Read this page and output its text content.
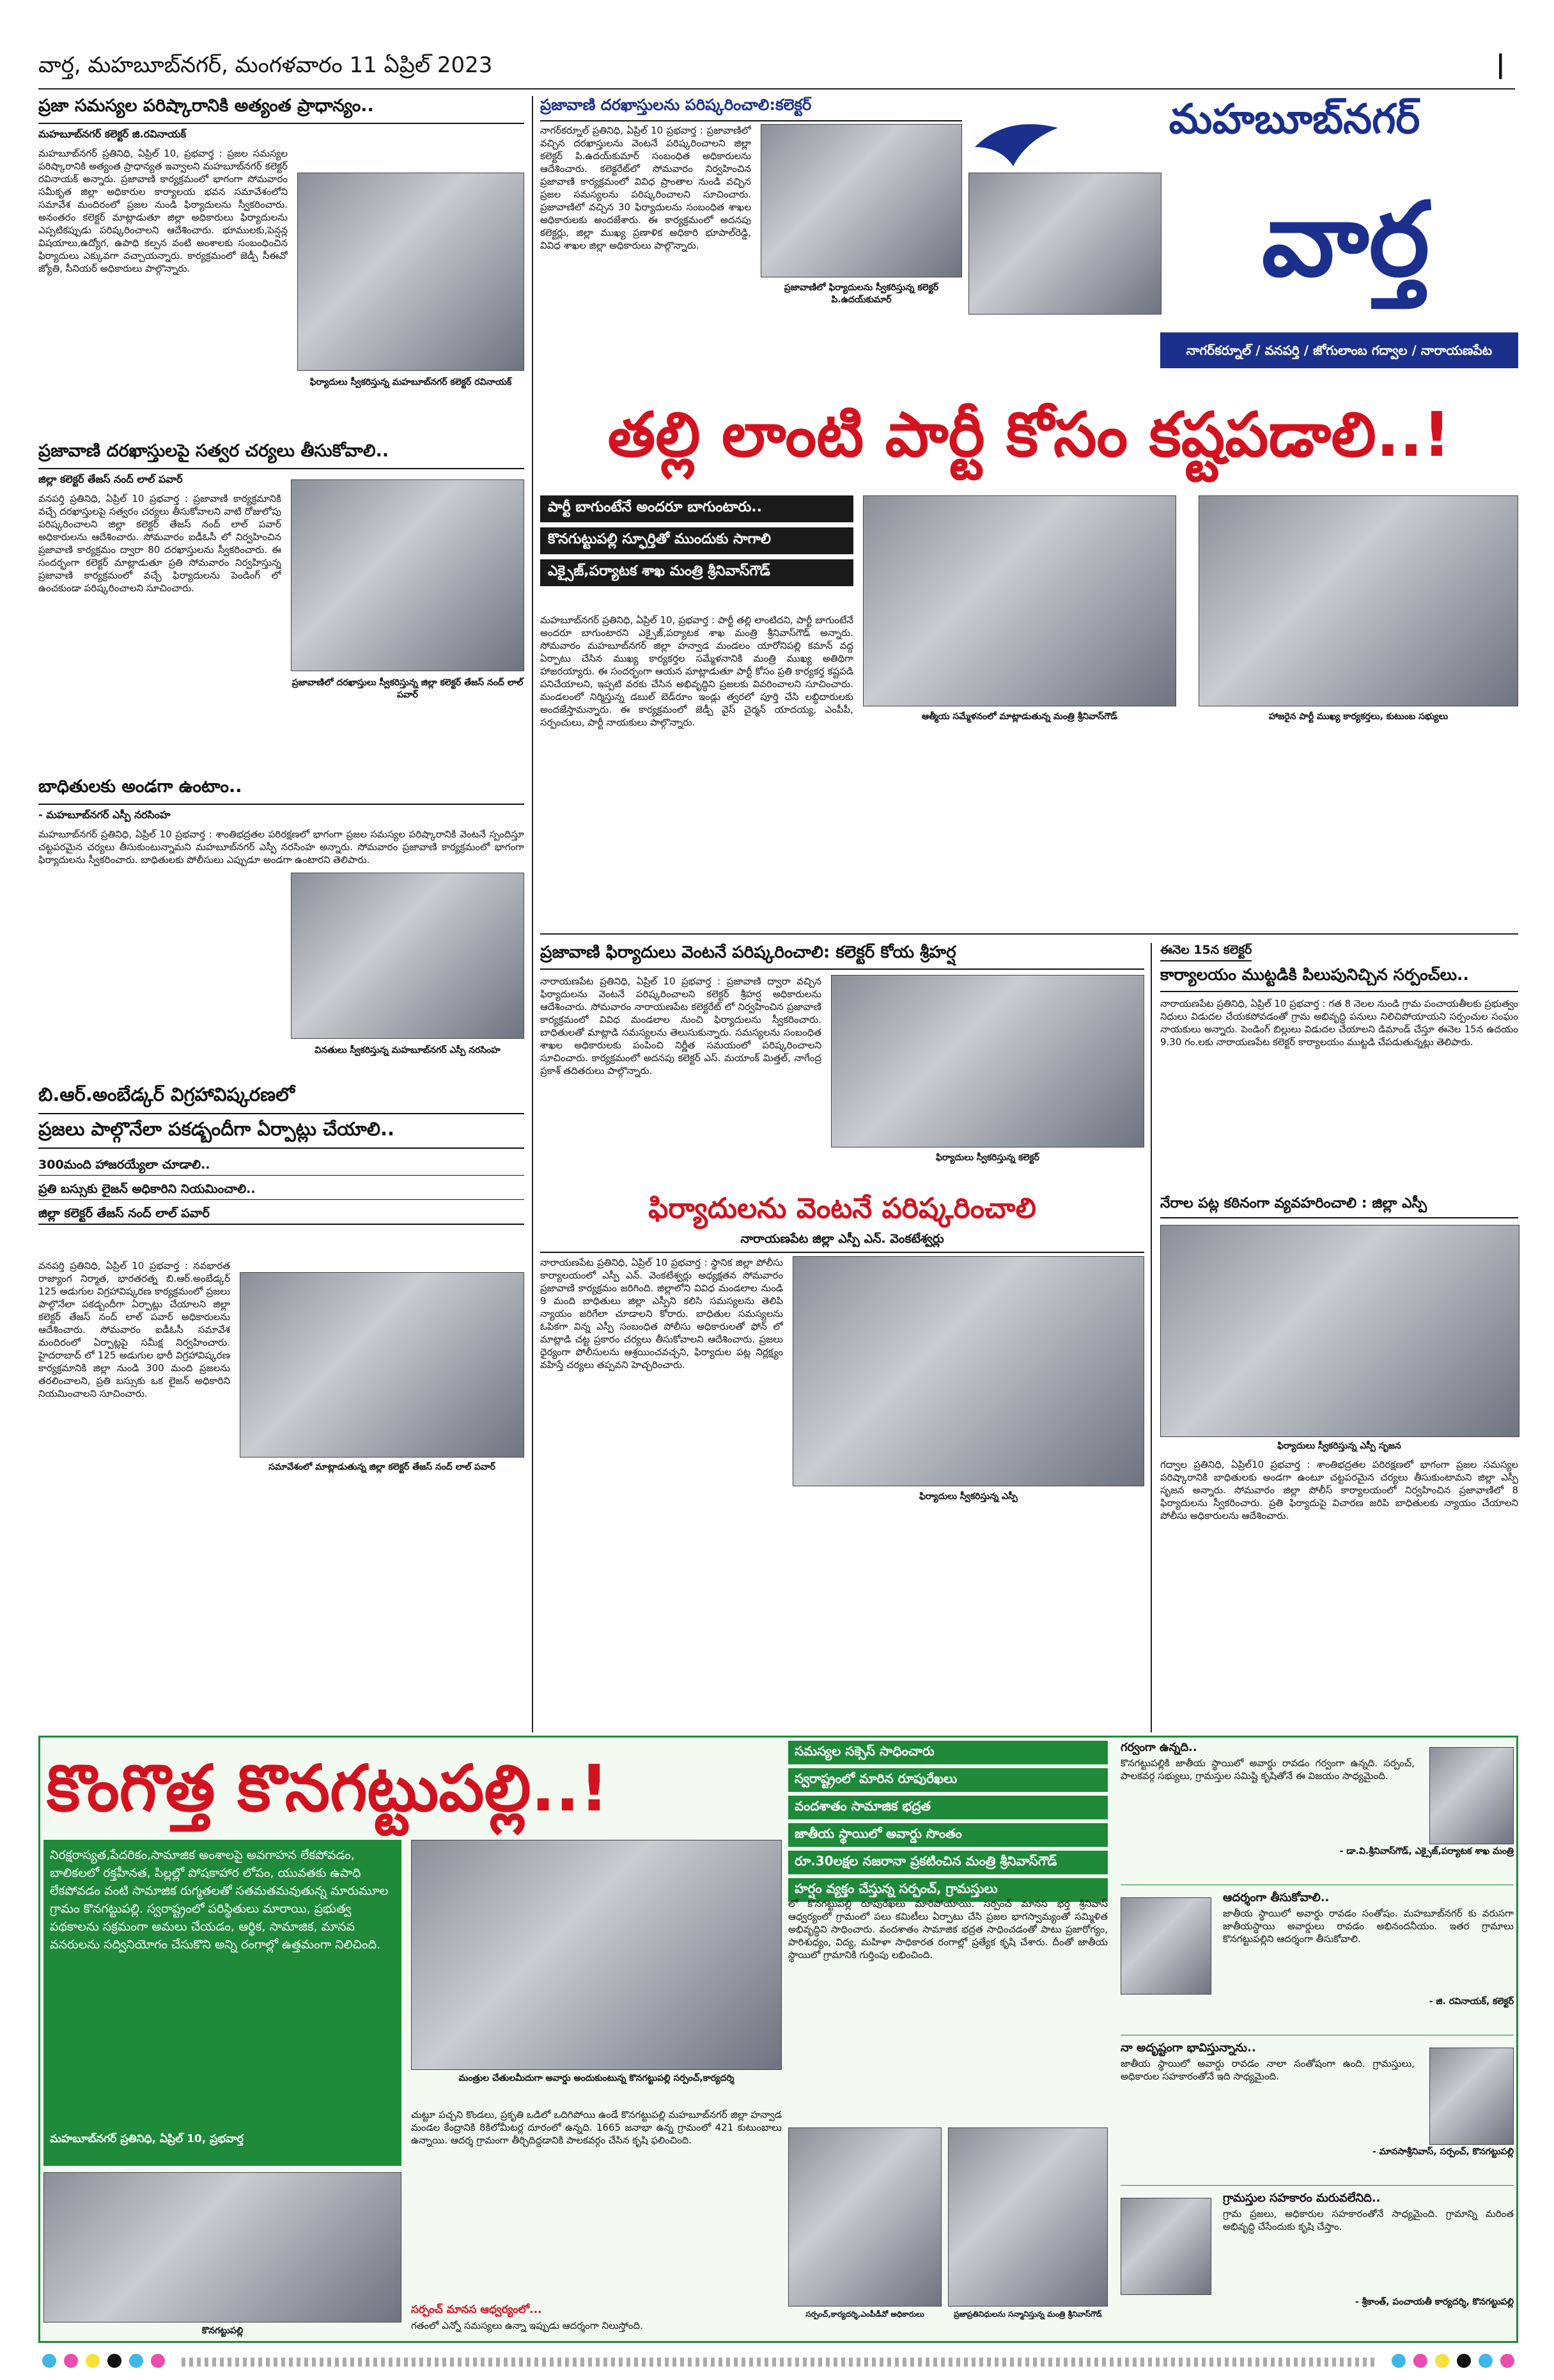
వార్త, మహబూబ్‌నగర్, మంగళవారం 11 ఏప్రిల్ 2023	|
ప్రజా సమస్యల పరిష్కారానికి అత్యంత ప్రాధాన్యం..
మహబూబ్‌నగర్ కలెక్టర్ జి.రవినాయక్
మహబూబ్‌నగర్ ప్రతినిధి, ఏప్రిల్ 10, ప్రభవార్త : ప్రజల సమస్యల పరిష్కారానికి అత్యంత ప్రాధాన్యత ఇవ్వాలని మహబూబ్‌నగర్ కలెక్టర్ రవినాయక్ అన్నారు. ప్రజావాణి కార్యక్రమంలో భాగంగా సోమవారం సమీకృత జిల్లా అధికారుల కార్యాలయ భవన సమావేశంలోని సమావేశ మందిరంలో ప్రజల నుండి ఫిర్యాదులను స్వీకరించారు. అనంతరం కలెక్టర్ మాట్లాడుతూ జిల్లా అధికారులు ఫిర్యాదులను ఎప్పటికప్పుడు పరిష్కరించాలని ఆదేశించారు. భూములకు,పెన్షన్ల విషయాలు,ఉద్యోగ, ఉపాధి కల్పన వంటి అంశాలకు సంబంధించిన ఫిర్యాదులు ఎక్కువగా వచ్చాయన్నారు. కార్యక్రమంలో జెడ్పీ సీఈవో జ్యోతి, సీనియర్ అధికారులు పాల్గొన్నారు.
ఫిర్యాదులు స్వీకరిస్తున్న మహబూబ్‌నగర్ కలెక్టర్ రవినాయక్
ప్రజావాణి దరఖాస్తులపై సత్వర చర్యలు తీసుకోవాలి..
జిల్లా కలెక్టర్ తేజస్ నంద్ లాల్ పవార్
వనపర్తి ప్రతినిధి, ఏప్రిల్ 10 ప్రభవార్త : ప్రజావాణి కార్యక్రమానికి వచ్చే దరఖాస్తులపై సత్వరం చర్యలు తీసుకోవాలని వాటి రోజులోపు పరిష్కరించాలని జిల్లా కలెక్టర్ తేజస్ నంద్ లాల్ పవార్ అధికారులను ఆదేశించారు. సోమవారం ఐడీఓసీ లో నిర్వహించిన ప్రజావాణి కార్యక్రమం ద్వారా 80 దరఖాస్తులను స్వీకరించారు. ఈ సందర్భంగా కలెక్టర్ మాట్లాడుతూ ప్రతి సోమవారం నిర్వహిస్తున్న ప్రజావాణి కార్యక్రమంలో వచ్చే ఫిర్యాదులను పెండింగ్ లో ఉంచకుండా పరిష్కరించాలని సూచించారు.
ప్రజావాణిలో దరఖాస్తులు స్వీకరిస్తున్న జిల్లా కలెక్టర్ తేజస్ నంద్ లాల్ పవార్
బాధితులకు అండగా ఉంటాం..
- మహబూబ్‌నగర్ ఎస్పీ నరసింహ
మహబూబ్‌నగర్ ప్రతినిధి, ఏప్రిల్ 10 ప్రభవార్త : శాంతిభద్రతల పరిరక్షణలో భాగంగా ప్రజల సమస్యల పరిష్కారానికి వెంటనే స్పందిస్తూ చట్టపరమైన చర్యలు తీసుకుంటున్నామని మహబూబ్‌నగర్ ఎస్పీ నరసింహ అన్నారు. సోమవారం ప్రజావాణి కార్యక్రమంలో భాగంగా ఫిర్యాదులను స్వీకరించారు. బాధితులకు పోలీసులు ఎప్పుడూ అండగా ఉంటారని తెలిపారు.
వినతులు స్వీకరిస్తున్న మహబూబ్‌నగర్ ఎస్పీ నరసింహ
బి.ఆర్.అంబేడ్కర్ విగ్రహావిష్కరణలో
ప్రజలు పాల్గొనేలా పకడ్బందీగా ఏర్పాట్లు చేయాలి..
300మంది హాజరయ్యేలా చూడాలి..
ప్రతి బస్సుకు లైజన్ అధికారిని నియమించాలి..
జిల్లా కలెక్టర్ తేజస్ నంద్ లాల్ పవార్
వనపర్తి ప్రతినిధి, ఏప్రిల్ 10 ప్రభవార్త : నవభారత రాజ్యాంగ నిర్మాత, భారతరత్న బి.ఆర్.అంబేడ్కర్ 125 అడుగుల విగ్రహావిష్కరణ కార్యక్రమంలో ప్రజలు పాల్గొనేలా పకడ్బందీగా ఏర్పాట్లు చేయాలని జిల్లా కలెక్టర్ తేజస్ నంద్ లాల్ పవార్ అధికారులను ఆదేశించారు. సోమవారం ఐడీఓసీ సమావేశ మందిరంలో ఏర్పాట్లపై సమీక్ష నిర్వహించారు. హైదరాబాద్ లో 125 అడుగుల భారీ విగ్రహావిష్కరణ కార్యక్రమానికి జిల్లా నుండి 300 మంది ప్రజలను తరలించాలని, ప్రతి బస్సుకు ఒక లైజన్ అధికారిని నియమించాలని సూచించారు.
సమావేశంలో మాట్లాడుతున్న జిల్లా కలెక్టర్ తేజస్ నంద్ లాల్ పవార్
ప్రజావాణి దరఖాస్తులను పరిష్కరించాలి:కలెక్టర్
నాగర్‌కర్నూల్ ప్రతినిధి, ఏప్రిల్ 10 ప్రభవార్త : ప్రజావాణిలో వచ్చిన దరఖాస్తులను వెంటనే పరిష్కరించాలని జిల్లా కలెక్టర్ పి.ఉదయ్‌కుమార్ సంబంధిత అధికారులను ఆదేశించారు. కలెక్టరేట్‌లో సోమవారం నిర్వహించిన ప్రజావాణి కార్యక్రమంలో వివిధ ప్రాంతాల నుండి వచ్చిన ప్రజల సమస్యలను పరిష్కరించాలని సూచించారు. ప్రజావాణిలో వచ్చిన 30 ఫిర్యాదులను సంబంధిత శాఖల అధికారులకు అందజేశారు. ఈ కార్యక్రమంలో అదనపు కలెక్టర్లు, జిల్లా ముఖ్య ప్రణాళిక అధికారి భూపాల్‌రెడ్డి, వివిధ శాఖల జిల్లా అధికారులు పాల్గొన్నారు.
ప్రజావాణిలో ఫిర్యాదులను స్వీకరిస్తున్న కలెక్టర్ పి.ఉదయ్‌కుమార్
మహబూబ్‌నగర్
వార్త
నాగర్‌కర్నూల్ / వనపర్తి / జోగులాంబ గద్వాల / నారాయణపేట
తల్లి లాంటి పార్టీ కోసం కష్టపడాలి..!
పార్టీ బాగుంటేనే అందరూ బాగుంటారు..
కొనగుట్టుపల్లి స్ఫూర్తితో ముందుకు సాగాలి
ఎక్సైజ్,పర్యాటక శాఖ మంత్రి శ్రీనివాస్‌గౌడ్
మహబూబ్‌నగర్ ప్రతినిధి, ఏప్రిల్ 10, ప్రభవార్త : పార్టీ తల్లి లాంటిదని, పార్టీ బాగుంటేనే అందరూ బాగుంటారని ఎక్సైజ్,పర్యాటక శాఖ మంత్రి శ్రీనివాస్‌గౌడ్ అన్నారు. సోమవారం మహబూబ్‌నగర్ జిల్లా హన్వాడ మండలం యారోనిపల్లి కమాన్ వద్ద ఏర్పాటు చేసిన ముఖ్య కార్యకర్తల సమ్మేళనానికి మంత్రి ముఖ్య అతిథిగా హాజరయ్యారు. ఈ సందర్భంగా ఆయన మాట్లాడుతూ పార్టీ కోసం ప్రతి కార్యకర్త కష్టపడి పనిచేయాలని, ఇప్పటి వరకు చేసిన అభివృద్ధిని ప్రజలకు వివరించాలని సూచించారు. మండలంలో నిర్మిస్తున్న డబుల్ బెడ్‌రూం ఇండ్లు త్వరలో పూర్తి చేసి లబ్ధిదారులకు అందజేస్తామన్నారు. ఈ కార్యక్రమంలో జెడ్పీ వైస్ చైర్మన్ యాదయ్య, ఎంపీపీ, సర్పంచులు, పార్టీ నాయకులు పాల్గొన్నారు.	ఆత్మీయ సమ్మేళనంలో మాట్లాడుతున్న మంత్రి శ్రీనివాస్‌గౌడ్	హాజరైన పార్టీ ముఖ్య కార్యకర్తలు, కుటుంబ సభ్యులు
ప్రజావాణి ఫిర్యాదులు వెంటనే పరిష్కరించాలి: కలెక్టర్ కోయ శ్రీహర్ష
నారాయణపేట ప్రతినిధి, ఏప్రిల్ 10 ప్రభవార్త : ప్రజావాణి ద్వారా వచ్చిన ఫిర్యాదులను వెంటనే పరిష్కరించాలని కలెక్టర్ శ్రీహర్ష అధికారులను ఆదేశించారు. సోమవారం నారాయణపేట కలెక్టరేట్ లో నిర్వహించిన ప్రజావాణి కార్యక్రమంలో వివిధ మండలాల నుంచి ఫిర్యాదులను స్వీకరించారు. బాధితులతో మాట్లాడి సమస్యలను తెలుసుకున్నారు. సమస్యలను సంబంధిత శాఖల అధికారులకు పంపించి నిర్ణీత సమయంలో పరిష్కరించాలని సూచించారు. కార్యక్రమంలో అదనపు కలెక్టర్ ఎస్. మయాంక్ మిత్తల్, నాగేంద్ర ప్రకాశ్ తదితరులు పాల్గొన్నారు.
ఫిర్యాదులు స్వీకరిస్తున్న కలెక్టర్
ఫిర్యాదులను వెంటనే పరిష్కరించాలి
నారాయణపేట జిల్లా ఎస్పీ ఎన్. వెంకటేశ్వర్లు
నారాయణపేట ప్రతినిధి, ఏప్రిల్ 10 ప్రభవార్త : స్థానిక జిల్లా పోలీసు కార్యాలయంలో ఎస్పీ ఎన్. వెంకటేశ్వర్లు అధ్యక్షతన సోమవారం ప్రజావాణి కార్యక్రమం జరిగింది. జిల్లాలోని వివిధ మండలాల నుండి 9 మంది బాధితులు జిల్లా ఎస్పీని కలిసి సమస్యలను తెలిపి న్యాయం జరిగేలా చూడాలని కోరారు. బాధితుల సమస్యలను ఓపికగా విన్న ఎస్పీ సంబంధిత పోలీసు అధికారులతో ఫోన్ లో మాట్లాడి చట్ట ప్రకారం చర్యలు తీసుకోవాలని ఆదేశించారు. ప్రజలు ధైర్యంగా పోలీసులను ఆశ్రయించవచ్చని, ఫిర్యాదుల పట్ల నిర్లక్ష్యం వహిస్తే చర్యలు తప్పవని హెచ్చరించారు.
ఫిర్యాదులు స్వీకరిస్తున్న ఎస్పీ
ఈనెల 15న కలెక్టర్
కార్యాలయం ముట్టడికి పిలుపునిచ్చిన సర్పంచ్‌లు..
నారాయణపేట ప్రతినిధి, ఏప్రిల్ 10 ప్రభవార్త : గత 8 నెలల నుండి గ్రామ పంచాయతీలకు ప్రభుత్వం నిధులు విడుదల చేయకపోవడంతో గ్రామ అభివృద్ధి పనులు నిలిచిపోయాయని సర్పంచుల సంఘం నాయకులు అన్నారు. పెండింగ్ బిల్లులు విడుదల చేయాలని డిమాండ్ చేస్తూ ఈనెల 15న ఉదయం 9.30 గం.లకు నారాయణపేట కలెక్టర్ కార్యాలయం ముట్టడి చేపడుతున్నట్లు తెలిపారు.
నేరాల పట్ల కఠినంగా వ్యవహరించాలి : జిల్లా ఎస్పీ
ఫిర్యాదులు స్వీకరిస్తున్న ఎస్పీ సృజన
గద్వాల ప్రతినిధి, ఏప్రిల్10 ప్రభవార్త : శాంతిభద్రతల పరిరక్షణలో భాగంగా ప్రజల సమస్యల పరిష్కారానికి బాధితులకు అండగా ఉంటూ చట్టపరమైన చర్యలు తీసుకుంటామని జిల్లా ఎస్పీ సృజన అన్నారు. సోమవారం జిల్లా పోలీస్ కార్యాలయంలో నిర్వహించిన ప్రజావాణిలో 8 ఫిర్యాదులను స్వీకరించారు. ప్రతి ఫిర్యాదుపై విచారణ జరిపి బాధితులకు న్యాయం చేయాలని పోలీసు అధికారులను ఆదేశించారు.
కొంగొత్త కొనగట్టుపల్లి..!
నిరక్షరాస్యత,పేదరికం,సామాజిక అంశాలపై అవగాహన లేకపోవడం, బాలికలలో రక్తహీనత, పిల్లల్లో పోషకాహార లోపం, యువతకు ఉపాధి లేకపోవడం వంటి సామాజిక రుగ్మతలతో సతమతమవుతున్న మారుమూల గ్రామం కొనగట్టుపల్లి. స్వరాష్ట్రంలో పరిస్థితులు మారాయి, ప్రభుత్వ పథకాలను సక్రమంగా అమలు చేయడం, ఆర్థిక, సామాజిక, మానవ వనరులను సద్వినియోగం చేసుకొని అన్ని రంగాల్లో ఉత్తమంగా నిలిచింది.
మహబూబ్‌నగర్ ప్రతినిధి, ఏప్రిల్ 10, ప్రభవార్త
కొనగట్టుపల్లి
మంత్రుల చేతులమీదుగా అవార్డు అందుకుంటున్న కొనగట్టుపల్లి సర్పంచ్,కార్యదర్శి
చుట్టూ పచ్చని కొండలు, ప్రకృతి ఒడిలో ఒదిగిపోయి ఉండే కొనగట్టుపల్లి మహబూబ్‌నగర్ జిల్లా హన్వాడ మండల కేంద్రానికి 8కిలోమీటర్ల దూరంలో ఉన్నది. 1665 జనాభా ఉన్న గ్రామంలో 421 కుటుంబాలు ఉన్నాయి. ఆదర్శ గ్రామంగా తీర్చిదిద్దడానికి పాలకవర్గం చేసిన కృషి ఫలించింది.
సర్పంచ్ మానస ఆధ్వర్యంలో...
గతంలో ఎన్నో సమస్యలు ఉన్నా ఇప్పుడు ఆదర్శంగా నిలుస్తోంది.
సమస్యల సక్సెస్ సాధించారు
స్వరాష్ట్రంలో మారిన రూపురేఖలు
వందశాతం సామాజిక భద్రత
జాతీయ స్థాయిలో అవార్డు సొంతం
రూ.30లక్షల నజరానా ప్రకటించిన మంత్రి శ్రీనివాస్‌గౌడ్
హర్షం వ్యక్తం చేస్తున్న సర్పంచ్, గ్రామస్తులు
లో కొనగట్టుపల్లి రూపురేఖలు మారిపోయాయి. సర్పంచ్ మానస భర్త శ్రీనివాస్ ఆధ్వర్యంలో గ్రామంలో పలు కమిటీలు ఏర్పాటు చేసి ప్రజల భాగస్వామ్యంతో సమ్మిళిత అభివృద్ధిని సాధించారు. వందశాతం సామాజిక భద్రత సాధించడంతో పాటు ప్రజారోగ్యం, పారిశుధ్యం, విద్య, మహిళా సాధికారత రంగాల్లో ప్రత్యేక కృషి చేశారు. దీంతో జాతీయ స్థాయిలో గ్రామానికి గుర్తింపు లభించింది.
సర్పంచ్,కార్యదర్శి,ఎంపీడీవో అధికారులు	ప్రజాప్రతినిధులను సన్మానిస్తున్న మంత్రి శ్రీనివాస్‌గౌడ్
గర్వంగా ఉన్నది..
కొనగట్టుపల్లికి జాతీయ స్థాయిలో అవార్డు రావడం గర్వంగా ఉన్నది. సర్పంచ్, పాలకవర్గ సభ్యులు, గ్రామస్తుల సమిష్టి కృషితోనే ఈ విజయం సాధ్యమైంది.
- డా.వి.శ్రీనివాస్‌గౌడ్, ఎక్సైజ్,పర్యాటక శాఖ మంత్రి
ఆదర్శంగా తీసుకోవాలి..
జాతీయ స్థాయిలో అవార్డు రావడం సంతోషం. మహబూబ్‌నగర్ కు వరుసగా జాతీయస్థాయి అవార్డులు రావడం అభినందనీయం. ఇతర గ్రామాలు కొనగట్టుపల్లిని ఆదర్శంగా తీసుకోవాలి.
- జి. రవినాయక్, కలెక్టర్
నా అదృష్టంగా భావిస్తున్నాను..
జాతీయ స్థాయిలో అవార్డు రావడం నాలా సంతోషంగా ఉంది. గ్రామస్తులు, అధికారుల సహకారంతోనే ఇది సాధ్యమైంది.
- మానసాశ్రీనివాస్, సర్పంచ్, కొనగట్టుపల్లి
గ్రామస్తుల సహకారం మరువలేనిది..
గ్రామ ప్రజలు, అధికారుల సహకారంతోనే సాధ్యమైంది. గ్రామాన్ని మరింత అభివృద్ధి చేసేందుకు కృషి చేస్తాం.
- శ్రీకాంత్, పంచాయతీ కార్యదర్శి, కొనగట్టుపల్లి
